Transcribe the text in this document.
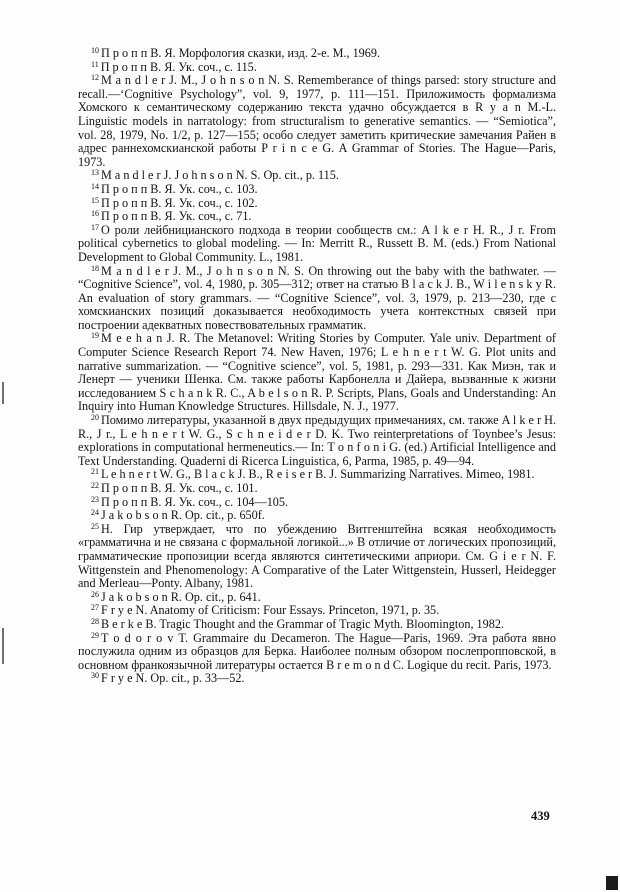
$^{10}$ П р о п п В. Я. Морфология сказки, изд. 2-е. М., 1969.

$^{11}$ П р о п п В. Я. Ук. соч., с. 115.

$^{12}$ M a n d l e r J. M., J o h n s o n N. S. Rememberance of things parsed: story structure and recall.—‘Cognitive Psychology”, vol. 9, 1977, p. 111—151. Приложимость формализма Хомского к семантическому содержанию текста удачно обсуждается в R y a n M.-L. Linguistic models in narratology: from structuralism to generative semantics. — “Semiotica”, vol. 28, 1979, No. 1/2, p. 127—155; особо следует заметить критические замечания Райен в адрес раннехомскианской работы P r i n c e G. A Grammar of Stories. The Hague—Paris, 1973.

$^{13}$ M a n d l e r J. J o h n s o n N. S. Op. cit., p. 115.

$^{14}$ П р о п п В. Я. Ук. соч., с. 103.

$^{15}$ П р о п п В. Я. Ук. соч., с. 102.

$^{16}$ П р о п п В. Я. Ук. соч., с. 71.

$^{17}$ О роли лейбницианского подхода в теории сообществ см.: A l k e r H. R., J r. From political cybernetics to global modeling. — In: Merritt R., Russett B. M. (eds.) From National Development to Global Community. L., 1981.

$^{18}$ M a n d l e r J. M., J o h n s o n N. S. On throwing out the baby with the bathwater. — “Cognitive Science”, vol. 4, 1980, p. 305—312; ответ на статью B l a c k J. B., W i l e n s k y R. An evaluation of story grammars. — “Cognitive Science”, vol. 3, 1979, p. 213—230, где с хомскианских позиций доказывается необходимость учета контекстных связей при построении адекватных повествовательных грамматик.

$^{19}$ M e e h a n J. R. The Metanovel: Writing Stories by Computer. Yale univ. Department of Computer Science Research Report 74. New Haven, 1976; L e h n e r t W. G. Plot units and narrative summarization. — “Cognitive science”, vol. 5, 1981, p. 293—331. Как Миэн, так и Ленерт — ученики Шенка. См. также работы Карбонелла и Дайера, вызванные к жизни исследованием S c h a n k R. C., A b e l s o n R. P. Scripts, Plans, Goals and Understanding: An Inquiry into Human Knowledge Structures. Hillsdale, N. J., 1977.

$^{20}$ Помимо литературы, указанной в двух предыдущих примечаниях, см. также A l k e r H. R., J r., L e h n e r t W. G., S c h n e i d e r D. K. Two reinterpretations of Toynbee’s Jesus: explorations in computational hermeneutics.— In: T o n f o n i G. (ed.) Artificial Intelligence and Text Understanding. Quaderni di Ricerca Linguistica, 6, Parma, 1985, p. 49—94.

$^{21}$ L e h n e r t W. G., B l a c k J. B., R e i s e r B. J. Summarizing Narratives. Mimeo, 1981.

$^{22}$ П р о п п В. Я. Ук. соч., с. 101.

$^{23}$ П р о п п В. Я. Ук. соч., с. 104—105.

$^{24}$ J a k o b s o n R. Op. cit., p. 650f.

$^{25}$ Н. Гир утверждает, что по убеждению Витгенштейна всякая необходимость «грамматична и не связана с формальной логикой...» В отличие от логических пропозиций, грамматические пропозиции всегда являются синтетическими априори. См. G i e r N. F. Wittgenstein and Phenomenology: A Comparative of the Later Wittgenstein, Husserl, Heidegger and Merleau—Ponty. Albany, 1981.

$^{26}$ J a k o b s o n R. Op. cit., p. 641.

$^{27}$ F r y e N. Anatomy of Criticism: Four Essays. Princeton, 1971, p. 35.

$^{28}$ B e r k e B. Tragic Thought and the Grammar of Tragic Myth. Bloomington, 1982.

$^{29}$ T o d o r o v T. Grammaire du Decameron. The Hague—Paris, 1969. Эта работа явно послужила одним из образцов для Берка. Наиболее полным обзором послепропповской, в основном франкоязычной литературы остается B r e m o n d C. Logique du recit. Paris, 1973.

$^{30}$ F r y e N. Op. cit., p. 33—52.

439
